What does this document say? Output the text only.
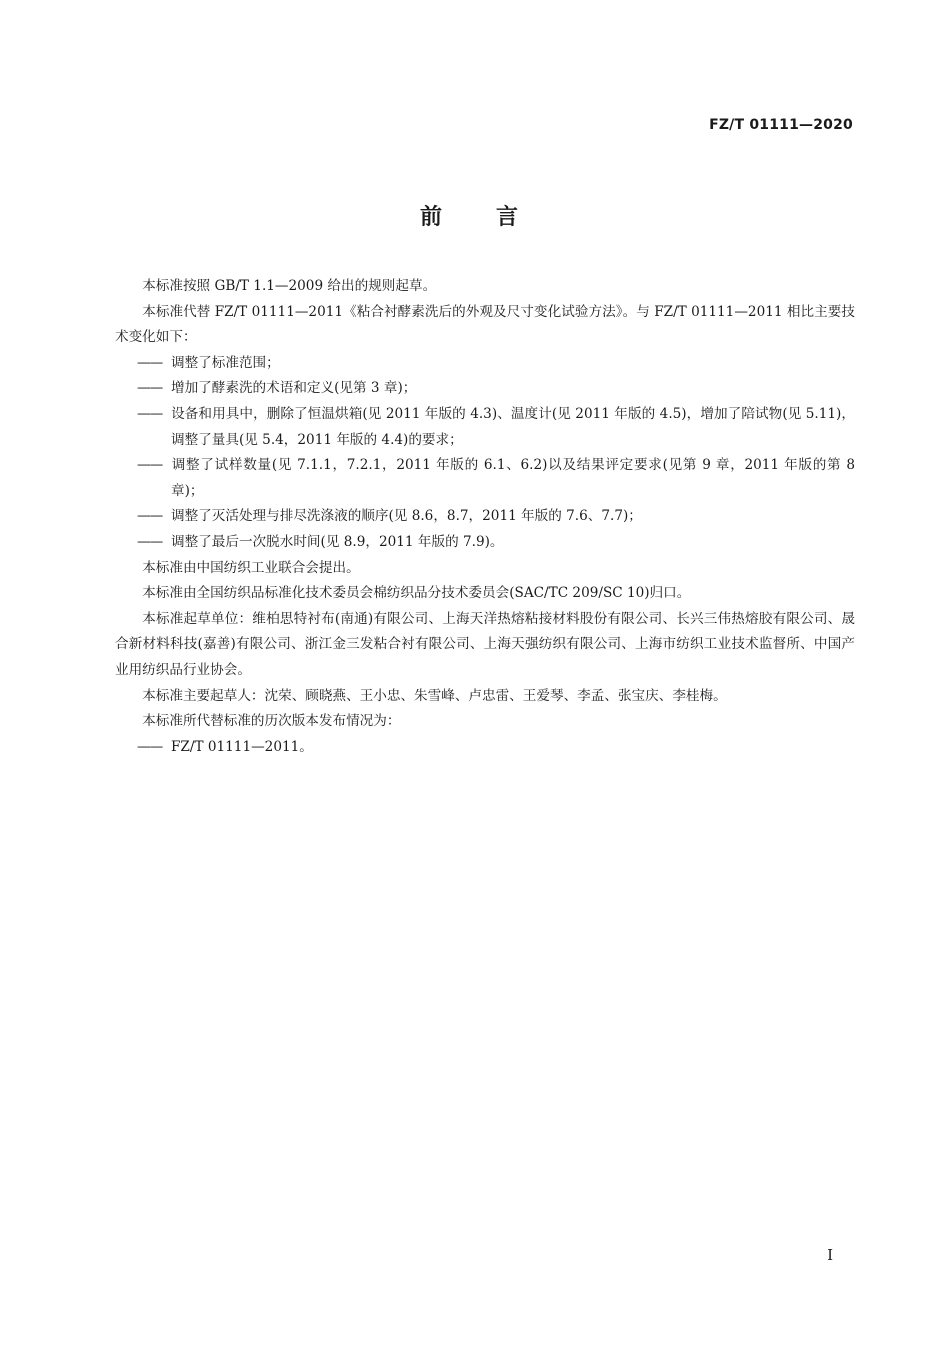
FZ/T 01111—2020
前言

本标准按照 GB/T 1.1—2009 给出的规则起草。

本标准代替 FZ/T 01111—2011《粘合衬酵素洗后的外观及尺寸变化试验方法》。与 FZ/T 01111—2011 相比主要技术变化如下：

—— 调整了标准范围；

—— 增加了酵素洗的术语和定义(见第 3 章)；

—— 设备和用具中，删除了恒温烘箱(见 2011 年版的 4.3)、温度计(见 2011 年版的 4.5)，增加了陪试物(见 5.11)，调整了量具(见 5.4，2011 年版的 4.4)的要求；

—— 调整了试样数量(见 7.1.1，7.2.1，2011 年版的 6.1、6.2)以及结果评定要求(见第 9 章，2011 年版的第 8 章)；

—— 调整了灭活处理与排尽洗涤液的顺序(见 8.6，8.7，2011 年版的 7.6、7.7)；

—— 调整了最后一次脱水时间(见 8.9，2011 年版的 7.9)。

本标准由中国纺织工业联合会提出。

本标准由全国纺织品标准化技术委员会棉纺织品分技术委员会(SAC/TC 209/SC 10)归口。

本标准起草单位：维柏思特衬布(南通)有限公司、上海天洋热熔粘接材料股份有限公司、长兴三伟热熔胶有限公司、晟合新材料科技(嘉善)有限公司、浙江金三发粘合衬有限公司、上海天强纺织有限公司、上海市纺织工业技术监督所、中国产业用纺织品行业协会。

本标准主要起草人：沈荣、顾晓燕、王小忠、朱雪峰、卢忠雷、王爱琴、李孟、张宝庆、李桂梅。

本标准所代替标准的历次版本发布情况为：

—— FZ/T 01111—2011。

I
